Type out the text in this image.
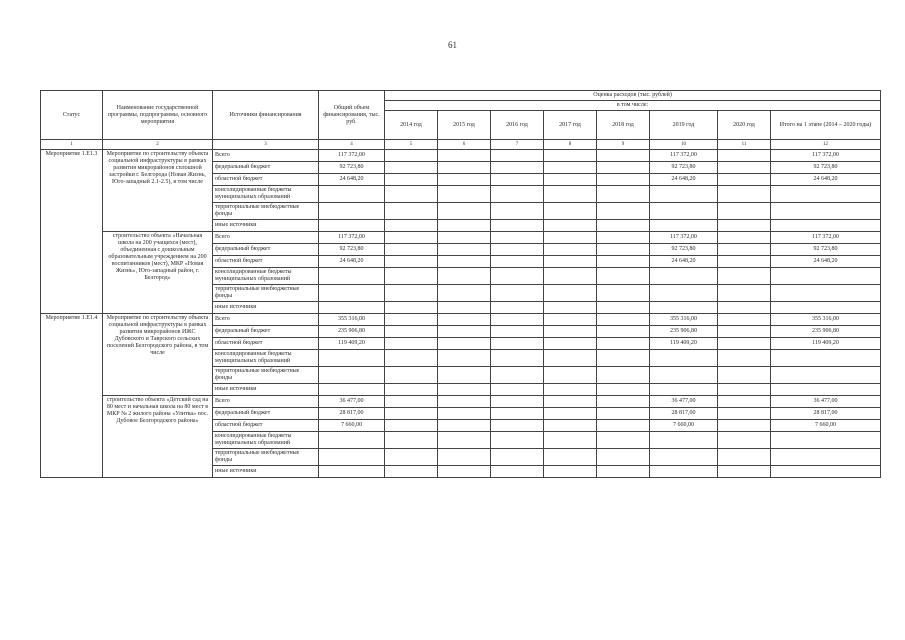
61
Статус	Наименование государственной программы, подпрограммы, основного мероприятия	Источники финансирования	Общий объем финансирования, тыс. руб.	Оценка расходов (тыс. рублей)							
				в том числе:							
				2014 год	2015 год	2016 год	2017 год	2018 год	2019 год	2020 год	Итого на 1 этапе (2014 – 2020 годы)
1	2	3	4	5	6	7	8	9	10	11	12
Мероприятие 1.Е1.3	Мероприятие по строительству объекта социальной инфраструктуры в рамках развития микрорайонов сплошной застройки г. Белгорода (Новая Жизнь, Юго-западный 2.1-2.5), в том числе	Всего	117 372,00						117 372,00		117 372,00
		федеральный бюджет	92 723,80						92 723,80		92 723,80
		областной бюджет	24 648,20						24 648,20		24 648,20
		консолидированные бюджеты муниципальных образований									
		территориальные внебюджетные фонды									
		иные источники									
	строительство объекта «Начальная школа на 200 учащихся (мест), объединенная с дошкольным образовательным учреждением на 200 воспитанников (мест), МКР «Новая Жизнь», Юго-западный район, г. Белгород»	Всего	117 372,00						117 372,00		117 372,00
		федеральный бюджет	92 723,80						92 723,80		92 723,80
		областной бюджет	24 648,20						24 648,20		24 648,20
		консолидированные бюджеты муниципальных образований									
		территориальные внебюджетные фонды									
		иные источники									
Мероприятие 1.Е1.4	Мероприятие по строительству объекта социальной инфраструктуры в рамках развития микрорайонов ИЖС Дубовского и Таврского сельских поселений Белгородского района, в том числе	Всего	355 316,00						355 316,00		355 316,00
		федеральный бюджет	235 906,80						235 906,80		235 906,80
		областной бюджет	119 409,20						119 409,20		119 409,20
		консолидированные бюджеты муниципальных образований									
		территориальные внебюджетные фонды									
		иные источники									
	строительство объекта «Детский сад на 80 мест и начальная школа на 80 мест в МКР № 2 жилого района «Улитка» пос. Дубовое Белгородского района»	Всего	36 477,00						36 477,00		36 477,00
		федеральный бюджет	28 817,00						28 817,00		28 817,00
		областной бюджет	7 660,00						7 660,00		7 660,00
		консолидированные бюджеты муниципальных образований									
		территориальные внебюджетные фонды									
		иные источники									
